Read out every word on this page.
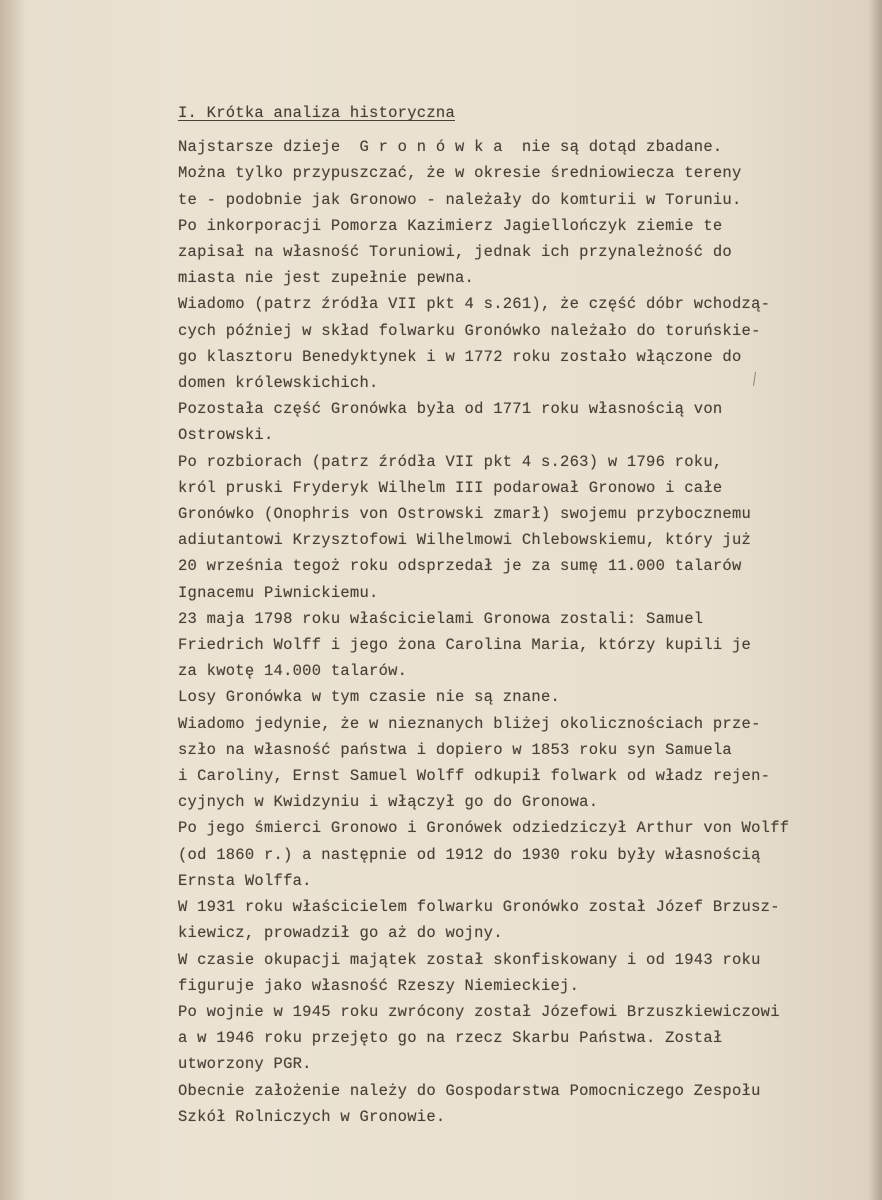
I. Krótka analiza historyczna
Najstarsze dzieje  G r o n ó w k a  nie są dotąd zbadane.
Można tylko przypuszczać, że w okresie średniowiecza tereny
te - podobnie jak Gronowo - należały do komturii w Toruniu.
Po inkorporacji Pomorza Kazimierz Jagiellończyk ziemie te
zapisał na własność Toruniowi, jednak ich przynależność do
miasta nie jest zupełnie pewna.
Wiadomo (patrz źródła VII pkt 4 s.261), że część dóbr wchodzą-
cych później w skład folwarku Gronówko należało do toruńskie-
go klasztoru Benedyktynek i w 1772 roku zostało włączone do
domen królewskichich.
Pozostała część Gronówka była od 1771 roku własnością von
Ostrowski.
Po rozbiorach (patrz źródła VII pkt 4 s.263) w 1796 roku,
król pruski Fryderyk Wilhelm III podarował Gronowo i całe
Gronówko (Onophris von Ostrowski zmarł) swojemu przybocznemu
adiutantowi Krzysztofowi Wilhelmowi Chlebowskiemu, który już
20 września tegoż roku odsprzedał je za sumę 11.000 talarów
Ignacemu Piwnickiemu.
23 maja 1798 roku właścicielami Gronowa zostali: Samuel
Friedrich Wolff i jego żona Carolina Maria, którzy kupili je
za kwotę 14.000 talarów.
Losy Gronówka w tym czasie nie są znane.
Wiadomo jedynie, że w nieznanych bliżej okolicznościach prze-
szło na własność państwa i dopiero w 1853 roku syn Samuela
i Caroliny, Ernst Samuel Wolff odkupił folwark od władz rejen-
cyjnych w Kwidzyniu i włączył go do Gronowa.
Po jego śmierci Gronowo i Gronówek odziedziczył Arthur von Wolff
(od 1860 r.) a następnie od 1912 do 1930 roku były własnością
Ernsta Wolffa.
W 1931 roku właścicielem folwarku Gronówko został Józef Brzusz-
kiewicz, prowadził go aż do wojny.
W czasie okupacji majątek został skonfiskowany i od 1943 roku
figuruje jako własność Rzeszy Niemieckiej.
Po wojnie w 1945 roku zwrócony został Józefowi Brzuszkiewiczowi
a w 1946 roku przejęto go na rzecz Skarbu Państwa. Został
utworzony PGR.
Obecnie założenie należy do Gospodarstwa Pomocniczego Zespołu
Szkół Rolniczych w Gronowie.
